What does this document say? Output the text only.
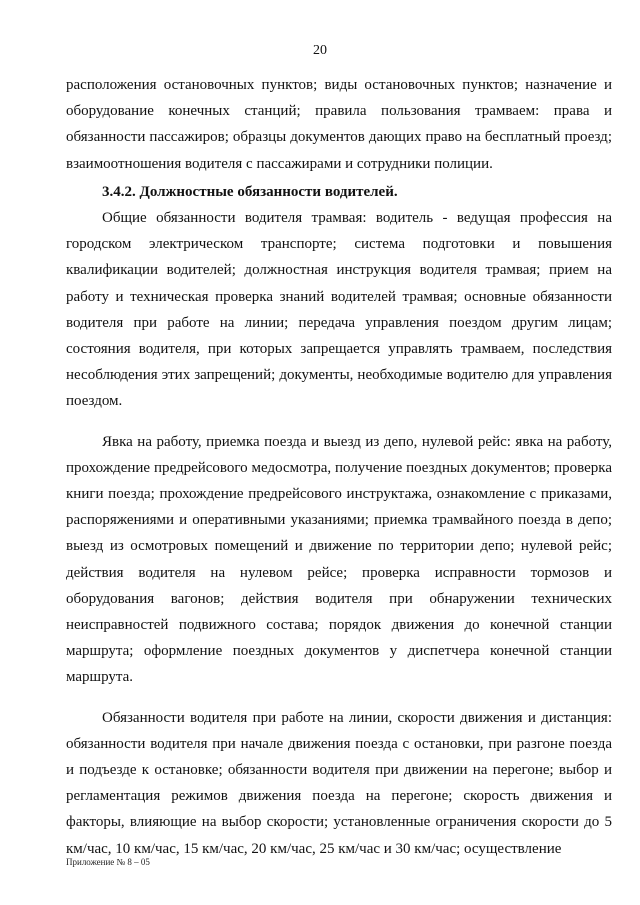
20

расположения остановочных пунктов; виды остановочных пунктов; назначение и оборудование конечных станций; правила пользования трамваем: права и обязанности пассажиров; образцы документов дающих право на бесплатный проезд; взаимоотношения водителя с пассажирами и сотрудники полиции.

3.4.2. Должностные обязанности водителей.

Общие обязанности водителя трамвая: водитель - ведущая профессия на городском электрическом транспорте; система подготовки и повышения квалификации водителей; должностная инструкция водителя трамвая; прием на работу и техническая проверка знаний водителей трамвая; основные обязанности водителя при работе на линии; передача управления поездом другим лицам; состояния водителя, при которых запрещается управлять трамваем, последствия несоблюдения этих запрещений; документы, необходимые водителю для управления поездом.

Явка на работу, приемка поезда и выезд из депо, нулевой рейс: явка на работу, прохождение предрейсового медосмотра, получение поездных документов; проверка книги поезда; прохождение предрейсового инструктажа, ознакомление с приказами, распоряжениями и оперативными указаниями; приемка трамвайного поезда в депо; выезд из осмотровых помещений и движение по территории депо; нулевой рейс; действия водителя на нулевом рейсе; проверка исправности тормозов и оборудования вагонов; действия водителя при обнаружении технических неисправностей подвижного состава; порядок движения до конечной станции маршрута; оформление поездных документов у диспетчера конечной станции маршрута.

Обязанности водителя при работе на линии, скорости движения и дистанция: обязанности водителя при начале движения поезда с остановки, при разгоне поезда и подъезде к остановке; обязанности водителя при движении на перегоне; выбор и регламентация режимов движения поезда на перегоне; скорость движения и факторы, влияющие на выбор скорости; установленные ограничения скорости до 5 км/час, 10 км/час, 15 км/час, 20 км/час, 25 км/час и 30 км/час; осуществление

Приложение № 8 – 05
